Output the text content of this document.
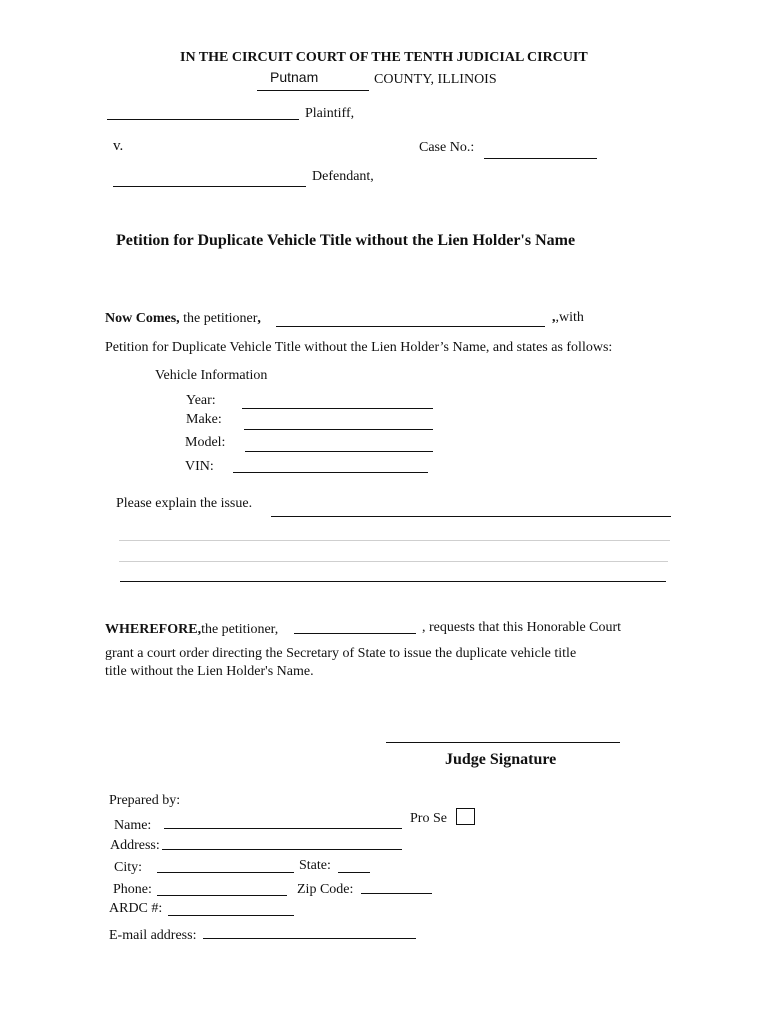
IN THE CIRCUIT COURT OF THE TENTH JUDICIAL CIRCUIT
Putnam	COUNTY, ILLINOIS
Plaintiff,
v.	Case No.:
Defendant,
Petition for Duplicate Vehicle Title without the Lien Holder's Name
Now Comes, the petitioner,	,,with
Petition for Duplicate Vehicle Title without the Lien Holder’s Name, and states as follows:
Vehicle Information
Year:
Make:
Model:
VIN:
Please explain the issue.
WHEREFORE,the petitioner,	, requests that this Honorable Court
grant a court order directing the Secretary of State to issue the duplicate vehicle title
title without the Lien Holder's Name.
Judge Signature
Prepared by:
Pro Se
Name:
Address:
City:	State:
Phone:	Zip Code:
ARDC #:
E-mail address:
